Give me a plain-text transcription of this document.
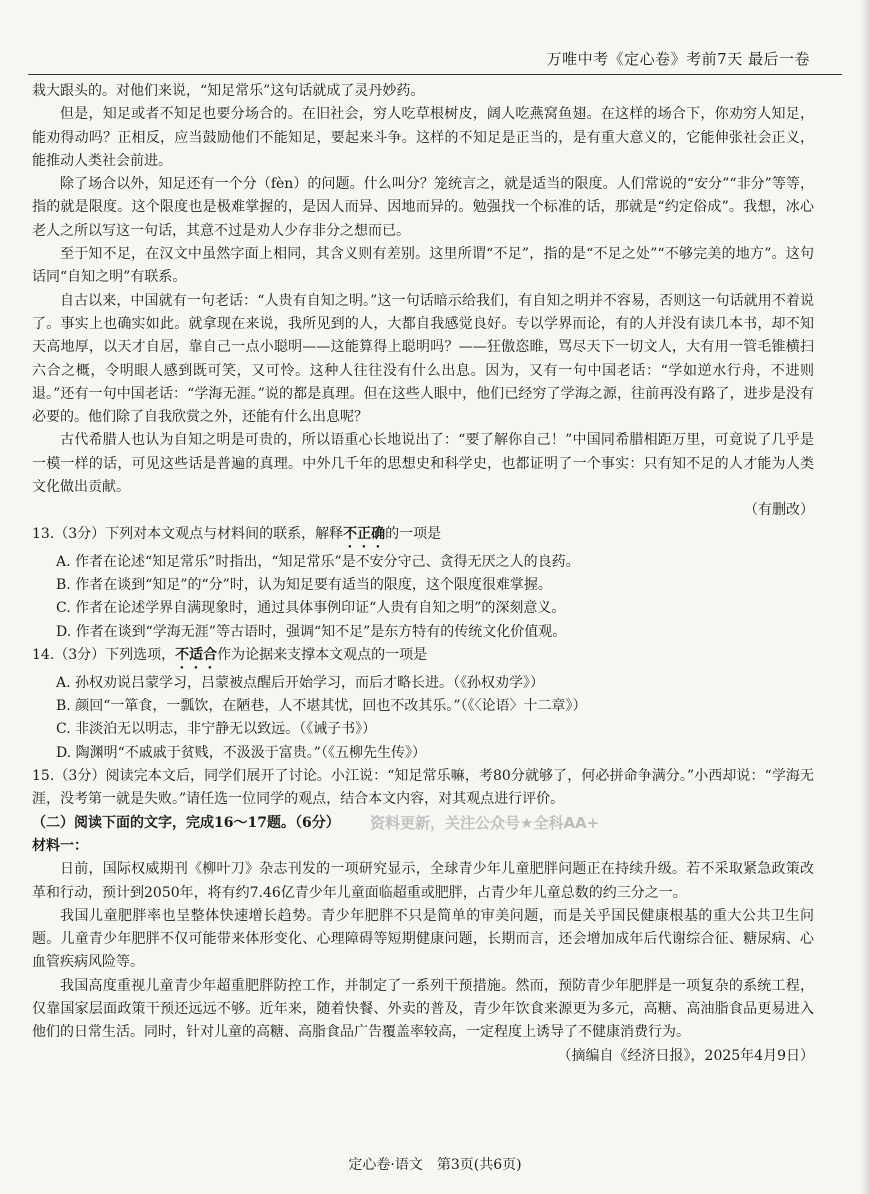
万唯中考《定心卷》考前7天 最后一卷

栽大跟头的。对他们来说，“知足常乐”这句话就成了灵丹妙药。

但是，知足或者不知足也要分场合的。在旧社会，穷人吃草根树皮，阔人吃燕窝鱼翅。在这样的场合下，你劝穷人知足，能劝得动吗？正相反，应当鼓励他们不能知足，要起来斗争。这样的不知足是正当的，是有重大意义的，它能伸张社会正义，能推动人类社会前进。

除了场合以外，知足还有一个分（fèn）的问题。什么叫分？笼统言之，就是适当的限度。人们常说的“安分”“非分”等等，指的就是限度。这个限度也是极难掌握的，是因人而异、因地而异的。勉强找一个标准的话，那就是“约定俗成”。我想，冰心老人之所以写这一句话，其意不过是劝人少存非分之想而已。

至于知不足，在汉文中虽然字面上相同，其含义则有差别。这里所谓“不足”，指的是“不足之处”“不够完美的地方”。这句话同“自知之明”有联系。

自古以来，中国就有一句老话：“人贵有自知之明。”这一句话暗示给我们，有自知之明并不容易，否则这一句话就用不着说了。事实上也确实如此。就拿现在来说，我所见到的人，大都自我感觉良好。专以学界而论，有的人并没有读几本书，却不知天高地厚，以天才自居，靠自己一点小聪明——这能算得上聪明吗？——狂傲恣睢，骂尽天下一切文人，大有用一管毛锥横扫六合之概，令明眼人感到既可笑，又可怜。这种人往往没有什么出息。因为，又有一句中国老话：“学如逆水行舟，不进则退。”还有一句中国老话：“学海无涯。”说的都是真理。但在这些人眼中，他们已经穷了学海之源，往前再没有路了，进步是没有必要的。他们除了自我欣赏之外，还能有什么出息呢？

古代希腊人也认为自知之明是可贵的，所以语重心长地说出了：“要了解你自己！”中国同希腊相距万里，可竟说了几乎是一模一样的话，可见这些话是普遍的真理。中外几千年的思想史和科学史，也都证明了一个事实：只有知不足的人才能为人类文化做出贡献。

（有删改）

13.（3分）下列对本文观点与材料间的联系，解释不正确的一项是

A. 作者在论述“知足常乐”时指出，“知足常乐”是不安分守己、贪得无厌之人的良药。

B. 作者在谈到“知足”的“分”时，认为知足要有适当的限度，这个限度很难掌握。

C. 作者在论述学界自满现象时，通过具体事例印证“人贵有自知之明”的深刻意义。

D. 作者在谈到“学海无涯”等古语时，强调“知不足”是东方特有的传统文化价值观。

14.（3分）下列选项，不适合作为论据来支撑本文观点的一项是

A. 孙权劝说吕蒙学习，吕蒙被点醒后开始学习，而后才略长进。（《孙权劝学》）

B. 颜回“一箪食，一瓢饮，在陋巷，人不堪其忧，回也不改其乐。”（《〈论语〉十二章》）

C. 非淡泊无以明志，非宁静无以致远。（《诫子书》）

D. 陶渊明“不戚戚于贫贱，不汲汲于富贵。”（《五柳先生传》）

15.（3分）阅读完本文后，同学们展开了讨论。小江说：“知足常乐嘛，考80分就够了，何必拼命争满分。”小西却说：“学海无涯，没考第一就是失败。”请任选一位同学的观点，结合本文内容，对其观点进行评价。

（二）阅读下面的文字，完成16～17题。（6分） 资料更新，关注公众号★全科AA+

材料一：

日前，国际权威期刊《柳叶刀》杂志刊发的一项研究显示，全球青少年儿童肥胖问题正在持续升级。若不采取紧急政策改革和行动，预计到2050年，将有约7.46亿青少年儿童面临超重或肥胖，占青少年儿童总数的约三分之一。

我国儿童肥胖率也呈整体快速增长趋势。青少年肥胖不只是简单的审美问题，而是关乎国民健康根基的重大公共卫生问题。儿童青少年肥胖不仅可能带来体形变化、心理障碍等短期健康问题，长期而言，还会增加成年后代谢综合征、糖尿病、心血管疾病风险等。

我国高度重视儿童青少年超重肥胖防控工作，并制定了一系列干预措施。然而，预防青少年肥胖是一项复杂的系统工程，仅靠国家层面政策干预还远远不够。近年来，随着快餐、外卖的普及，青少年饮食来源更为多元，高糖、高油脂食品更易进入他们的日常生活。同时，针对儿童的高糖、高脂食品广告覆盖率较高，一定程度上诱导了不健康消费行为。

（摘编自《经济日报》，2025年4月9日）
定心卷·语文　第3页(共6页)
